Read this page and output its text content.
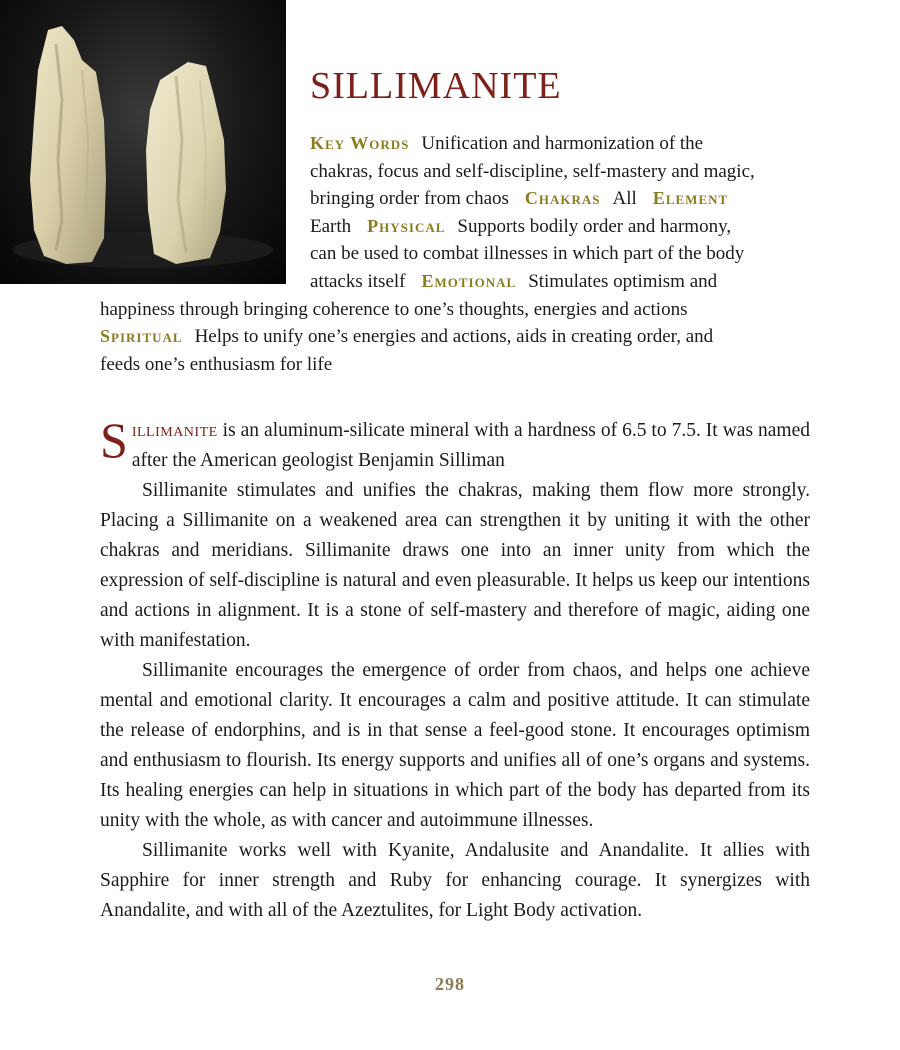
SILLIMANITE
Key Words Unification and harmonization of the
chakras, focus and self-discipline, self-mastery and magic,
bringing order from chaos Chakras All Element
Earth Physical Supports bodily order and harmony,
can be used to combat illnesses in which part of the body
attacks itself Emotional Stimulates optimism and
happiness through bringing coherence to one’s thoughts, energies and actions
Spiritual Helps to unify one’s energies and actions, aids in creating order, and
feeds one’s enthusiasm for life

Sillimanite is an aluminum-silicate mineral with a hardness of 6.5 to 7.5. It was named after the American geologist Benjamin Silliman

Sillimanite stimulates and unifies the chakras, making them flow more strongly. Placing a Sillimanite on a weakened area can strengthen it by uniting it with the other chakras and meridians. Sillimanite draws one into an inner unity from which the expression of self-discipline is natural and even pleasurable. It helps us keep our intentions and actions in alignment. It is a stone of self-mastery and therefore of magic, aiding one with manifestation.

Sillimanite encourages the emergence of order from chaos, and helps one achieve mental and emotional clarity. It encourages a calm and positive attitude. It can stimulate the release of endorphins, and is in that sense a feel-good stone. It encourages optimism and enthusiasm to flourish. Its energy supports and unifies all of one’s organs and systems. Its healing energies can help in situations in which part of the body has departed from its unity with the whole, as with cancer and autoimmune illnesses.

Sillimanite works well with Kyanite, Andalusite and Anandalite. It allies with Sapphire for inner strength and Ruby for enhancing courage. It synergizes with Anandalite, and with all of the Azeztulites, for Light Body activation.

298
